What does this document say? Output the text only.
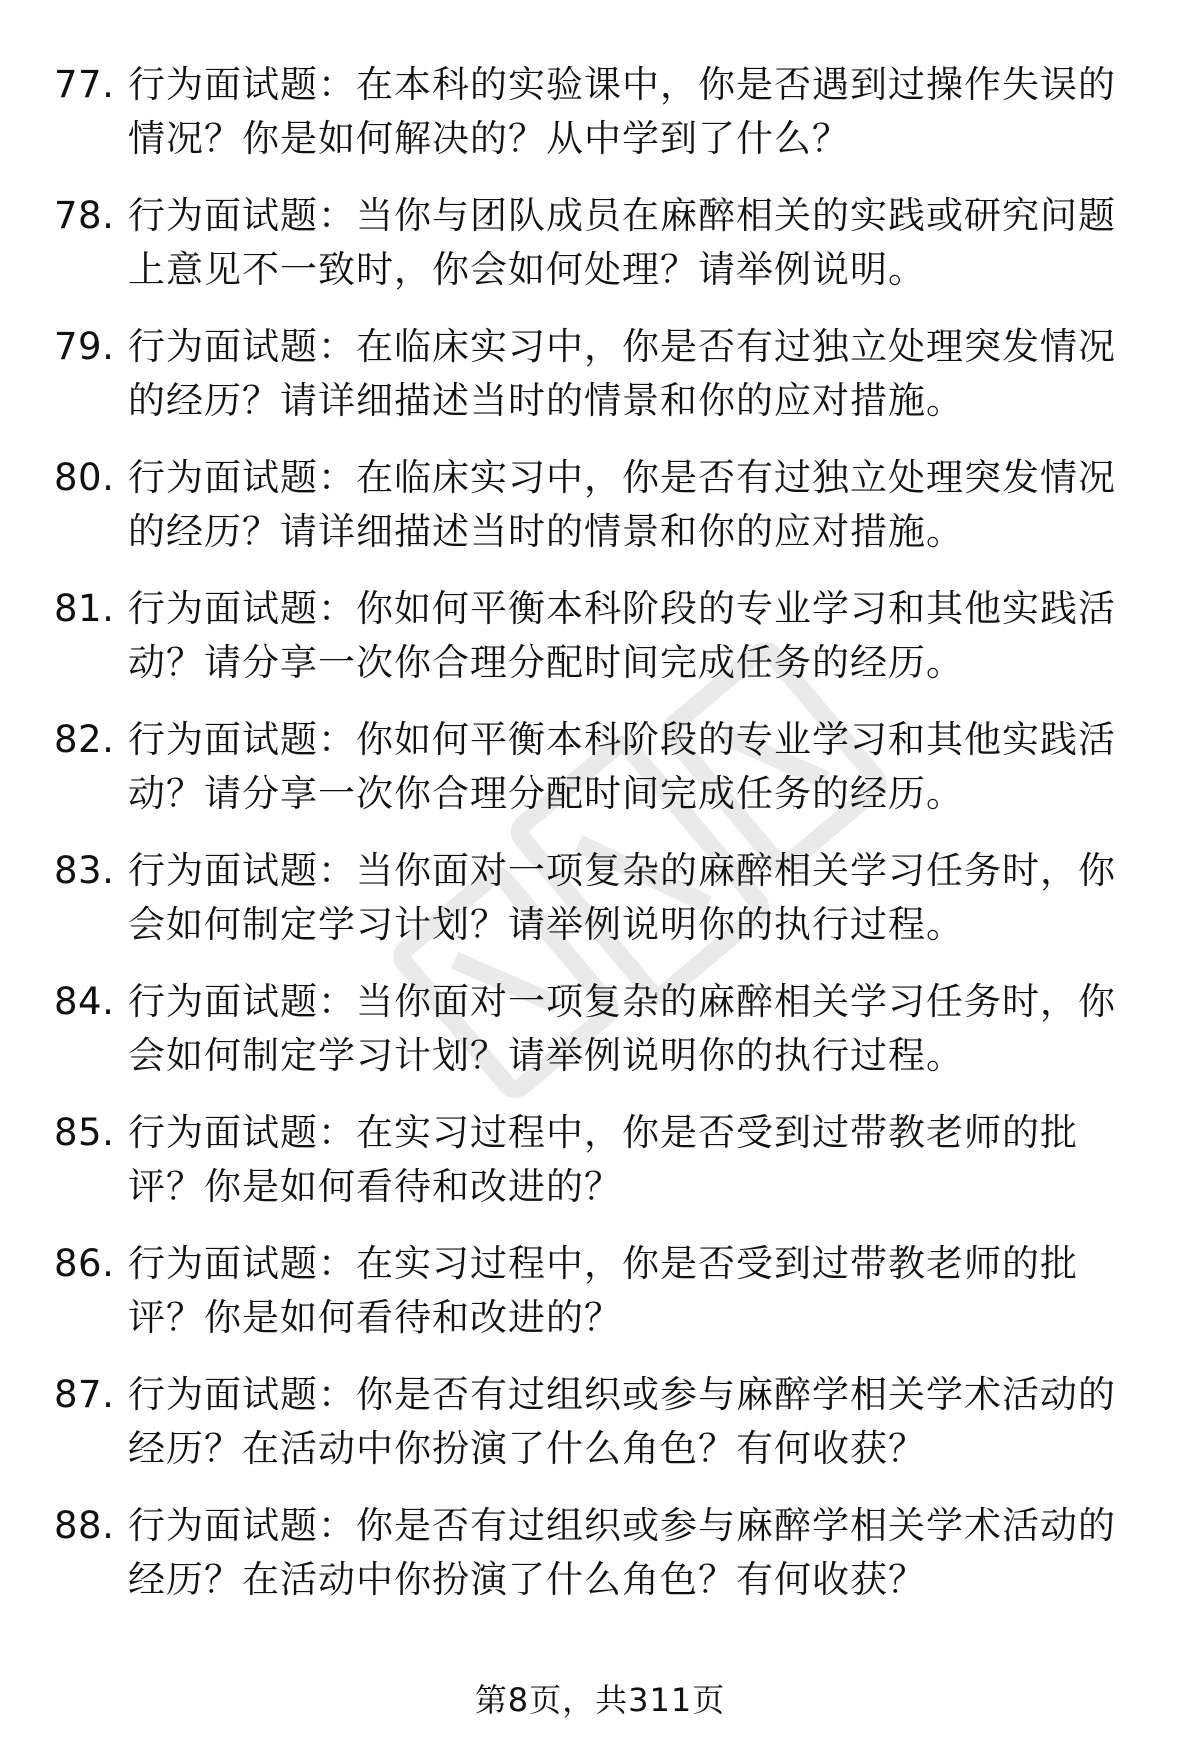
77. 行为面试题：在本科的实验课中，你是否遇到过操作失误的情况？你是如何解决的？从中学到了什么？
78. 行为面试题：当你与团队成员在麻醉相关的实践或研究问题上意见不一致时，你会如何处理？请举例说明。
79. 行为面试题：在临床实习中，你是否有过独立处理突发情况的经历？请详细描述当时的情景和你的应对措施。
80. 行为面试题：在临床实习中，你是否有过独立处理突发情况的经历？请详细描述当时的情景和你的应对措施。
81. 行为面试题：你如何平衡本科阶段的专业学习和其他实践活动？请分享一次你合理分配时间完成任务的经历。
82. 行为面试题：你如何平衡本科阶段的专业学习和其他实践活动？请分享一次你合理分配时间完成任务的经历。
83. 行为面试题：当你面对一项复杂的麻醉相关学习任务时，你会如何制定学习计划？请举例说明你的执行过程。
84. 行为面试题：当你面对一项复杂的麻醉相关学习任务时，你会如何制定学习计划？请举例说明你的执行过程。
85. 行为面试题：在实习过程中，你是否受到过带教老师的批评？你是如何看待和改进的？
86. 行为面试题：在实习过程中，你是否受到过带教老师的批评？你是如何看待和改进的？
87. 行为面试题：你是否有过组织或参与麻醉学相关学术活动的经历？在活动中你扮演了什么角色？有何收获？
88. 行为面试题：你是否有过组织或参与麻醉学相关学术活动的经历？在活动中你扮演了什么角色？有何收获？
第8页，共311页
